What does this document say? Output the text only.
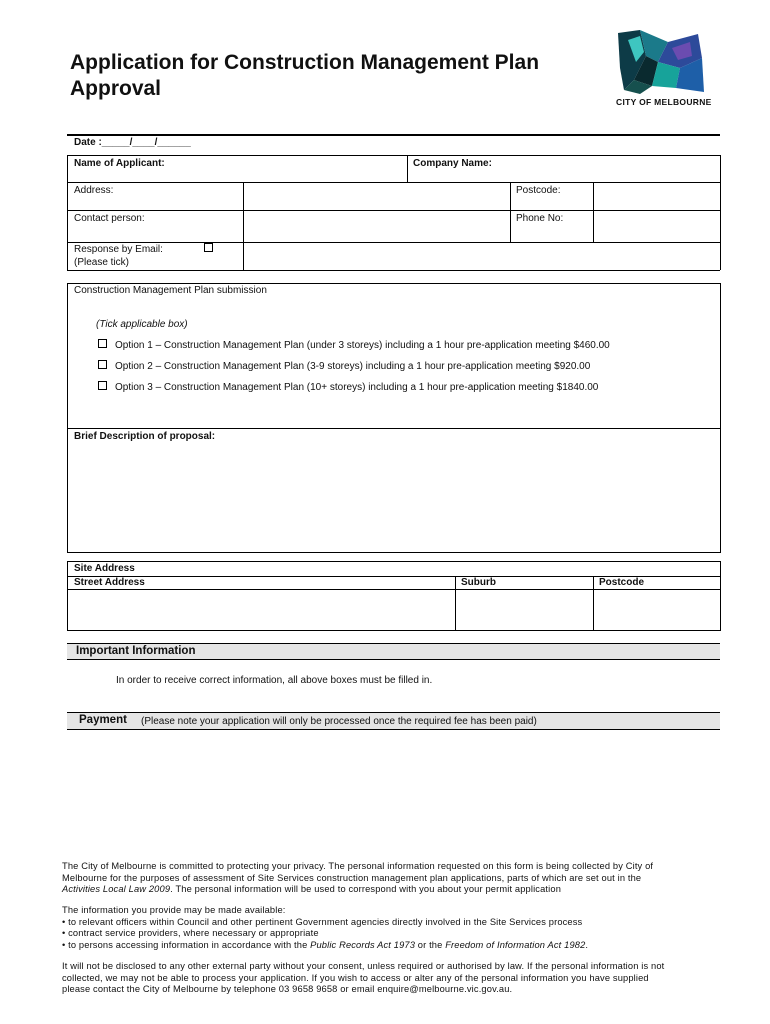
Application for Construction Management Plan
Approval
CITY OF MELBOURNE
Date :_____/____/______
Name of Applicant:	Company Name:
Address:	Postcode:
Contact person:	Phone No:
Response by Email:
(Please tick)
Construction Management Plan submission
(Tick applicable box)
Option 1 – Construction Management Plan (under 3 storeys) including a 1 hour pre-application meeting $460.00
Option 2 – Construction Management Plan (3-9 storeys) including a 1 hour pre-application meeting $920.00
Option 3 – Construction Management Plan (10+ storeys) including a 1 hour pre-application meeting $1840.00
Brief Description of proposal:
Site Address
Street Address	Suburb	Postcode
Important Information
In order to receive correct information, all above boxes must be filled in.
Payment (Please note your application will only be processed once the required fee has been paid)
The City of Melbourne is committed to protecting your privacy. The personal information requested on this form is being collected by City of
Melbourne for the purposes of assessment of Site Services construction management plan applications, parts of which are set out in the
Activities Local Law 2009. The personal information will be used to correspond with you about your permit application
The information you provide may be made available:
• to relevant officers within Council and other pertinent Government agencies directly involved in the Site Services process
• contract service providers, where necessary or appropriate
• to persons accessing information in accordance with the Public Records Act 1973 or the Freedom of Information Act 1982.
It will not be disclosed to any other external party without your consent, unless required or authorised by law. If the personal information is not
collected, we may not be able to process your application. If you wish to access or alter any of the personal information you have supplied
please contact the City of Melbourne by telephone 03 9658 9658 or email enquire@melbourne.vic.gov.au.
